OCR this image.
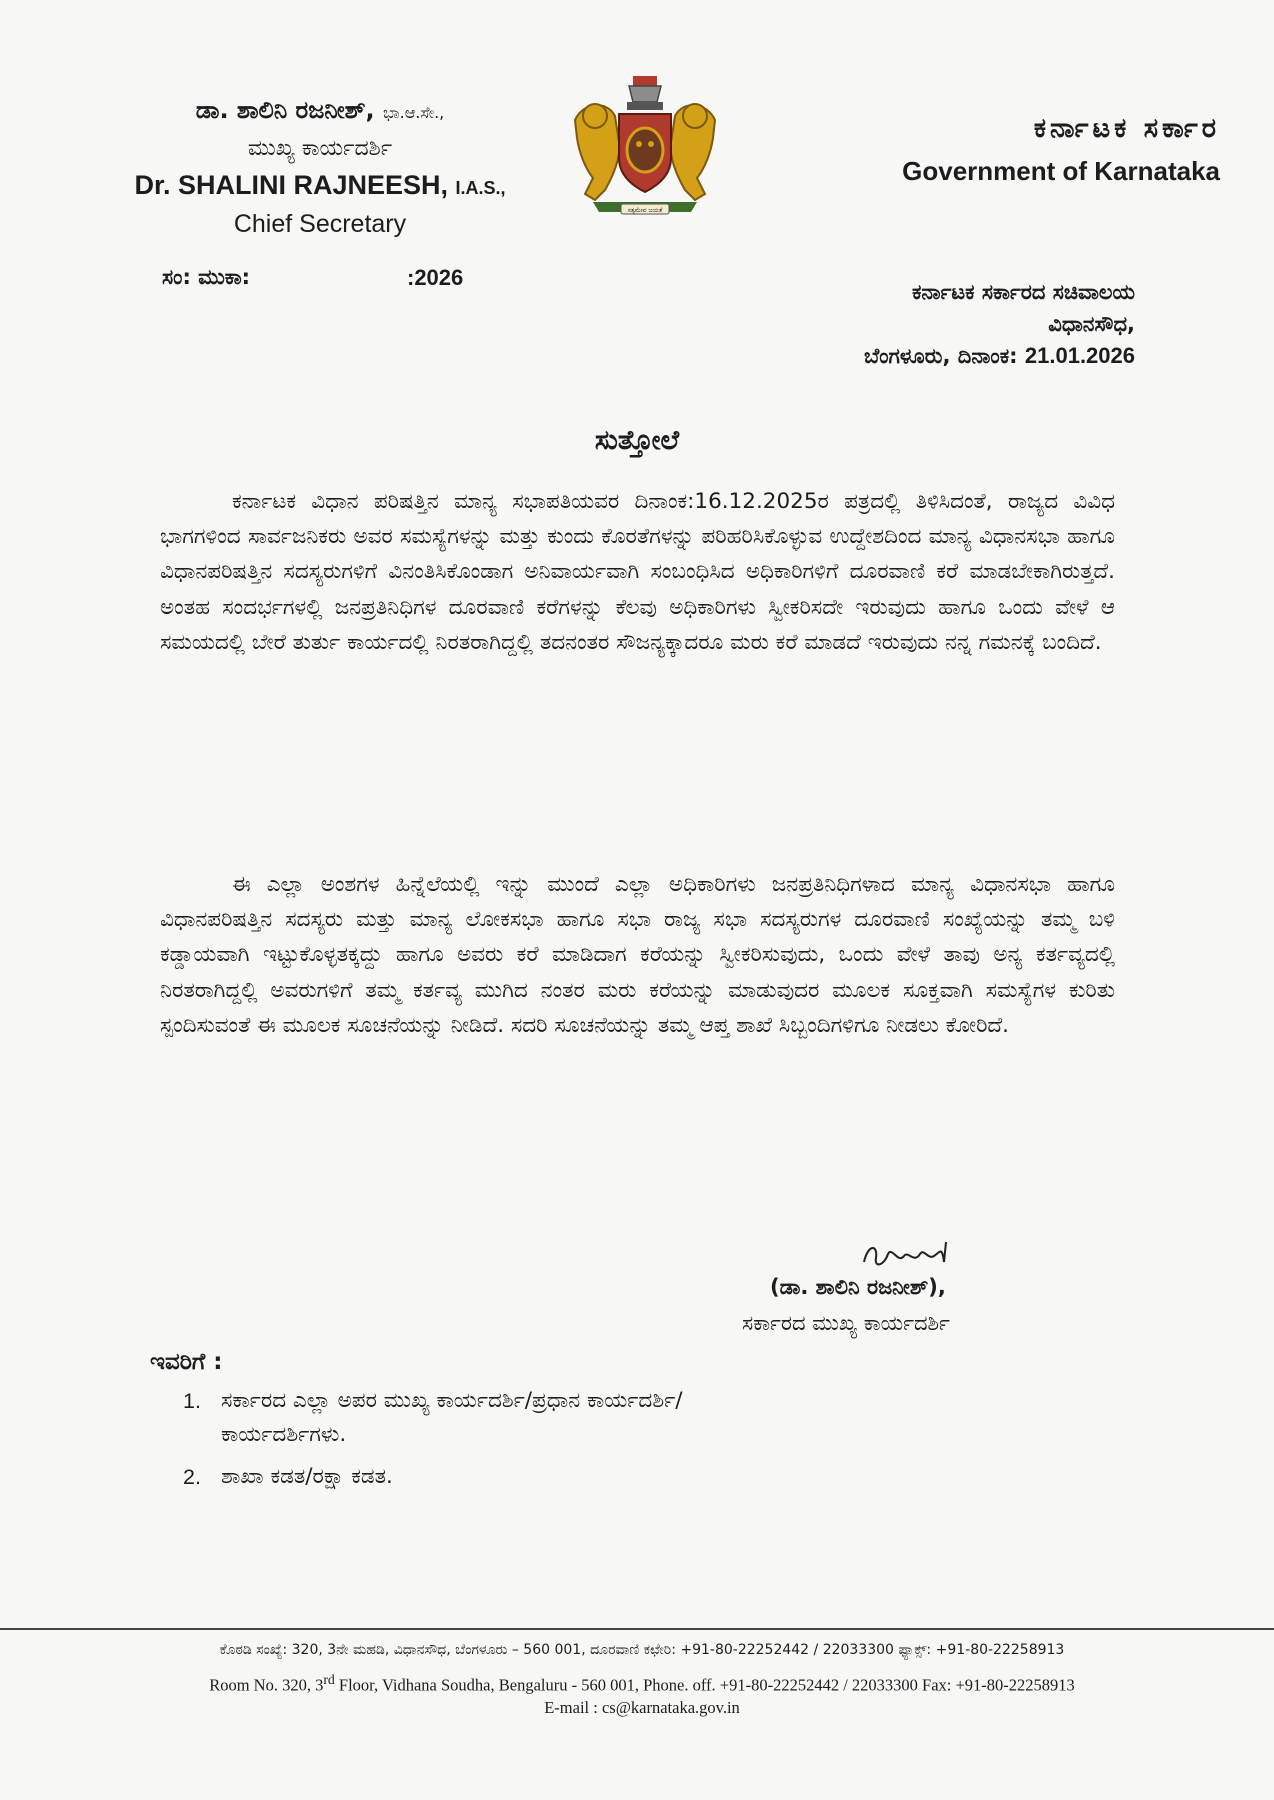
ಡಾ. ಶಾಲಿನಿ ರಜನೀಶ್, ಭಾ.ಆ.ಸೇ.,
ಮುಖ್ಯ ಕಾರ್ಯದರ್ಶಿ
Dr. SHALINI RAJNEESH, I.A.S.,
Chief Secretary	ಸತ್ಯಮೇವ ಜಯತೆ
ಕರ್ನಾಟಕ ಸರ್ಕಾರ
Government of Karnataka
ಸಂ: ಮುಕಾ:	:2026
ಕರ್ನಾಟಕ ಸರ್ಕಾರದ ಸಚಿವಾಲಯ
ವಿಧಾನಸೌಧ,
ಬೆಂಗಳೂರು, ದಿನಾಂಕ: 21.01.2026
ಸುತ್ತೋಲೆ
ಕರ್ನಾಟಕ ವಿಧಾನ ಪರಿಷತ್ತಿನ ಮಾನ್ಯ ಸಭಾಪತಿಯವರ ದಿನಾಂಕ:16.12.2025ರ ಪತ್ರದಲ್ಲಿ ತಿಳಿಸಿದಂತೆ, ರಾಜ್ಯದ ವಿವಿಧ ಭಾಗಗಳಿಂದ ಸಾರ್ವಜನಿಕರು ಅವರ ಸಮಸ್ಯೆಗಳನ್ನು ಮತ್ತು ಕುಂದು ಕೊರತೆಗಳನ್ನು ಪರಿಹರಿಸಿಕೊಳ್ಳುವ ಉದ್ದೇಶದಿಂದ ಮಾನ್ಯ ವಿಧಾನಸಭಾ ಹಾಗೂ ವಿಧಾನಪರಿಷತ್ತಿನ ಸದಸ್ಯರುಗಳಿಗೆ ವಿನಂತಿಸಿಕೊಂಡಾಗ ಅನಿವಾರ್ಯವಾಗಿ ಸಂಬಂಧಿಸಿದ ಅಧಿಕಾರಿಗಳಿಗೆ ದೂರವಾಣಿ ಕರೆ ಮಾಡಬೇಕಾಗಿರುತ್ತದೆ. ಅಂತಹ ಸಂದರ್ಭಗಳಲ್ಲಿ ಜನಪ್ರತಿನಿಧಿಗಳ ದೂರವಾಣಿ ಕರೆಗಳನ್ನು ಕೆಲವು ಅಧಿಕಾರಿಗಳು ಸ್ವೀಕರಿಸದೇ ಇರುವುದು ಹಾಗೂ ಒಂದು ವೇಳೆ ಆ ಸಮಯದಲ್ಲಿ ಬೇರೆ ತುರ್ತು ಕಾರ್ಯದಲ್ಲಿ ನಿರತರಾಗಿದ್ದಲ್ಲಿ ತದನಂತರ ಸೌಜನ್ಯಕ್ಕಾದರೂ ಮರು ಕರೆ ಮಾಡದೆ ಇರುವುದು ನನ್ನ ಗಮನಕ್ಕೆ ಬಂದಿದೆ.
ಈ ಎಲ್ಲಾ ಅಂಶಗಳ ಹಿನ್ನೆಲೆಯಲ್ಲಿ ಇನ್ನು ಮುಂದೆ ಎಲ್ಲಾ ಅಧಿಕಾರಿಗಳು ಜನಪ್ರತಿನಿಧಿಗಳಾದ ಮಾನ್ಯ ವಿಧಾನಸಭಾ ಹಾಗೂ ವಿಧಾನಪರಿಷತ್ತಿನ ಸದಸ್ಯರು ಮತ್ತು ಮಾನ್ಯ ಲೋಕಸಭಾ ಹಾಗೂ ಸಭಾ ರಾಜ್ಯ ಸಭಾ ಸದಸ್ಯರುಗಳ ದೂರವಾಣಿ ಸಂಖ್ಯೆಯನ್ನು ತಮ್ಮ ಬಳಿ ಕಡ್ಡಾಯವಾಗಿ ಇಟ್ಟುಕೊಳ್ಳತಕ್ಕದ್ದು ಹಾಗೂ ಅವರು ಕರೆ ಮಾಡಿದಾಗ ಕರೆಯನ್ನು ಸ್ವೀಕರಿಸುವುದು, ಒಂದು ವೇಳೆ ತಾವು ಅನ್ಯ ಕರ್ತವ್ಯದಲ್ಲಿ ನಿರತರಾಗಿದ್ದಲ್ಲಿ ಅವರುಗಳಿಗೆ ತಮ್ಮ ಕರ್ತವ್ಯ ಮುಗಿದ ನಂತರ ಮರು ಕರೆಯನ್ನು ಮಾಡುವುದರ ಮೂಲಕ ಸೂಕ್ತವಾಗಿ ಸಮಸ್ಯೆಗಳ ಕುರಿತು ಸ್ಪಂದಿಸುವಂತೆ ಈ ಮೂಲಕ ಸೂಚನೆಯನ್ನು ನೀಡಿದೆ. ಸದರಿ ಸೂಚನೆಯನ್ನು ತಮ್ಮ ಆಪ್ತ ಶಾಖೆ ಸಿಬ್ಬಂದಿಗಳಿಗೂ ನೀಡಲು ಕೋರಿದೆ.
(ಡಾ. ಶಾಲಿನಿ ರಜನೀಶ್),
ಸರ್ಕಾರದ ಮುಖ್ಯ ಕಾರ್ಯದರ್ಶಿ
ಇವರಿಗೆ :
1. ಸರ್ಕಾರದ ಎಲ್ಲಾ ಅಪರ ಮುಖ್ಯ ಕಾರ್ಯದರ್ಶಿ/ಪ್ರಧಾನ ಕಾರ್ಯದರ್ಶಿ/
ಕಾರ್ಯದರ್ಶಿಗಳು.
2. ಶಾಖಾ ಕಡತ/ರಕ್ಷಾ ಕಡತ.
ಕೊಠಡಿ ಸಂಖ್ಯೆ: 320, 3ನೇ ಮಹಡಿ, ವಿಧಾನಸೌಧ, ಬೆಂಗಳೂರು – 560 001, ದೂರವಾಣಿ ಕಛೇರಿ: +91-80-22252442 / 22033300 ಫ್ಯಾಕ್ಸ್: +91-80-22258913
Room No. 320, 3rd Floor, Vidhana Soudha, Bengaluru - 560 001, Phone. off. +91-80-22252442 / 22033300 Fax: +91-80-22258913
E-mail : cs@karnataka.gov.in
